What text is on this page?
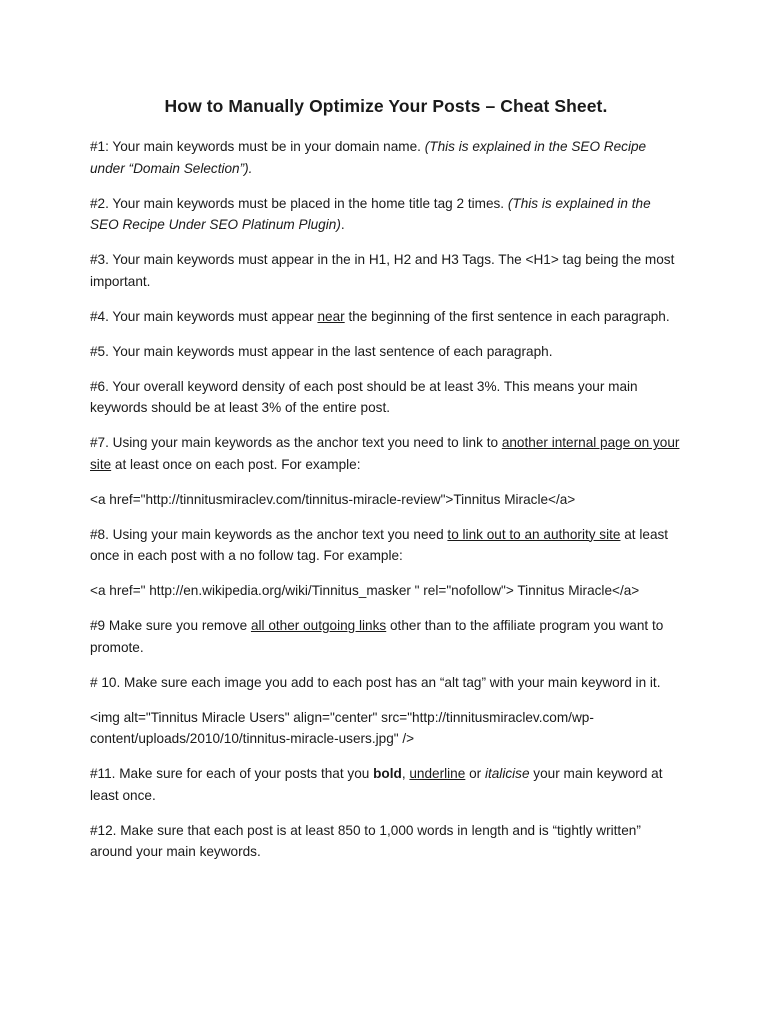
How to Manually Optimize Your Posts – Cheat Sheet.
#1: Your main keywords must be in your domain name. (This is explained in the SEO Recipe under “Domain Selection”).
#2. Your main keywords must be placed in the home title tag 2 times. (This is explained in the SEO Recipe Under SEO Platinum Plugin).
#3. Your main keywords must appear in the in H1, H2 and H3 Tags. The <H1> tag being the most important.
#4. Your main keywords must appear near the beginning of the first sentence in each paragraph.
#5. Your main keywords must appear in the last sentence of each paragraph.
#6. Your overall keyword density of each post should be at least 3%. This means your main keywords should be at least 3% of the entire post.
#7. Using your main keywords as the anchor text you need to link to another internal page on your site at least once on each post. For example:
<a href="http://tinnitusmiraclev.com/tinnitus-miracle-review">Tinnitus Miracle</a>
#8. Using your main keywords as the anchor text you need to link out to an authority site at least once in each post with a no follow tag. For example:
<a href=" http://en.wikipedia.org/wiki/Tinnitus_masker " rel="nofollow"> Tinnitus Miracle</a>
#9 Make sure you remove all other outgoing links other than to the affiliate program you want to promote.
# 10. Make sure each image you add to each post has an “alt tag” with your main keyword in it.
<img alt="Tinnitus Miracle Users" align="center" src="http://tinnitusmiraclev.com/wp-content/uploads/2010/10/tinnitus-miracle-users.jpg" />
#11. Make sure for each of your posts that you bold, underline or italicise your main keyword at least once.
#12. Make sure that each post is at least 850 to 1,000 words in length and is “tightly written” around your main keywords.
